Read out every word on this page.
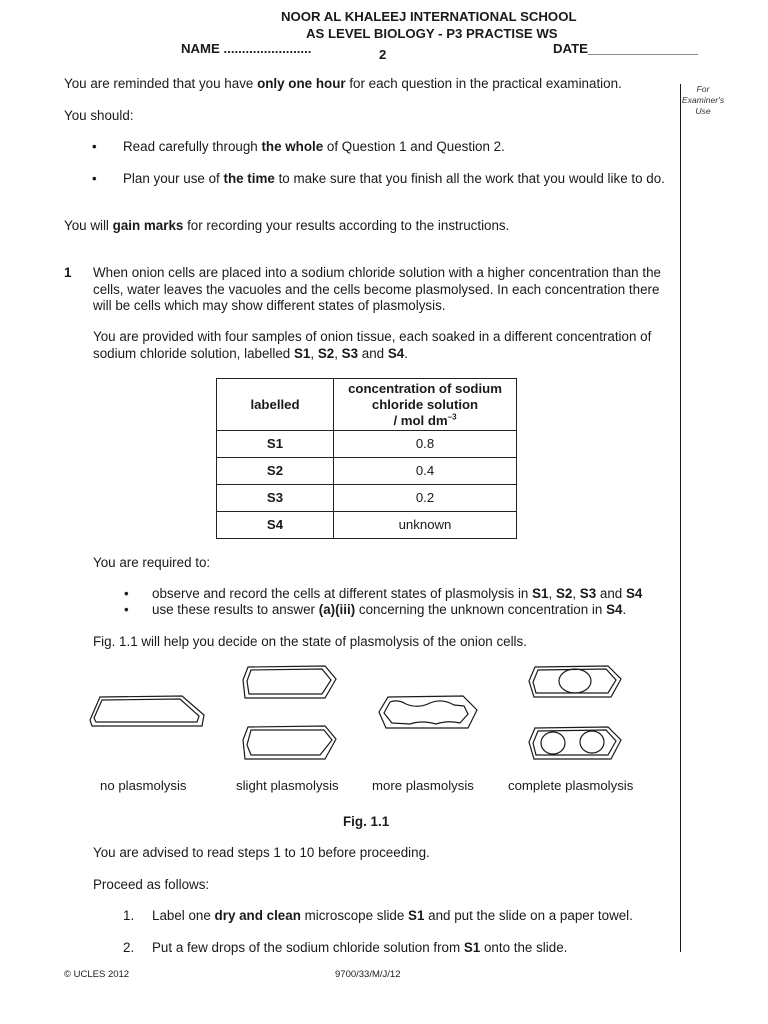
NOOR AL KHALEEJ INTERNATIONAL SCHOOL
AS LEVEL BIOLOGY - P3 PRACTISE WS
NAME ........................	2	DATE_______________
For
Examiner's
Use
You are reminded that you have only one hour for each question in the practical examination.
You should:
• Read carefully through the whole of Question 1 and Question 2.
• Plan your use of the time to make sure that you finish all the work that you would like to do.
You will gain marks for recording your results according to the instructions.
1 When onion cells are placed into a sodium chloride solution with a higher concentration than the cells, water leaves the vacuoles and the cells become plasmolysed. In each concentration there will be cells which may show different states of plasmolysis.
You are provided with four samples of onion tissue, each soaked in a different concentration of sodium chloride solution, labelled S1, S2, S3 and S4.
labelled	concentration of sodium
chloride solution
/ mol $dm^{-3}$

S1	0.8
S2	0.4
S3	0.2
S4	unknown
You are required to:
• observe and record the cells at different states of plasmolysis in S1, S2, S3 and S4
• use these results to answer (a)(iii) concerning the unknown concentration in S4.
Fig. 1.1 will help you decide on the state of plasmolysis of the onion cells.
no plasmolysis	slight plasmolysis	more plasmolysis	complete plasmolysis
Fig. 1.1
You are advised to read steps 1 to 10 before proceeding.
Proceed as follows:
1. Label one dry and clean microscope slide S1 and put the slide on a paper towel.
2. Put a few drops of the sodium chloride solution from S1 onto the slide.
© UCLES 2012	9700/33/M/J/12
